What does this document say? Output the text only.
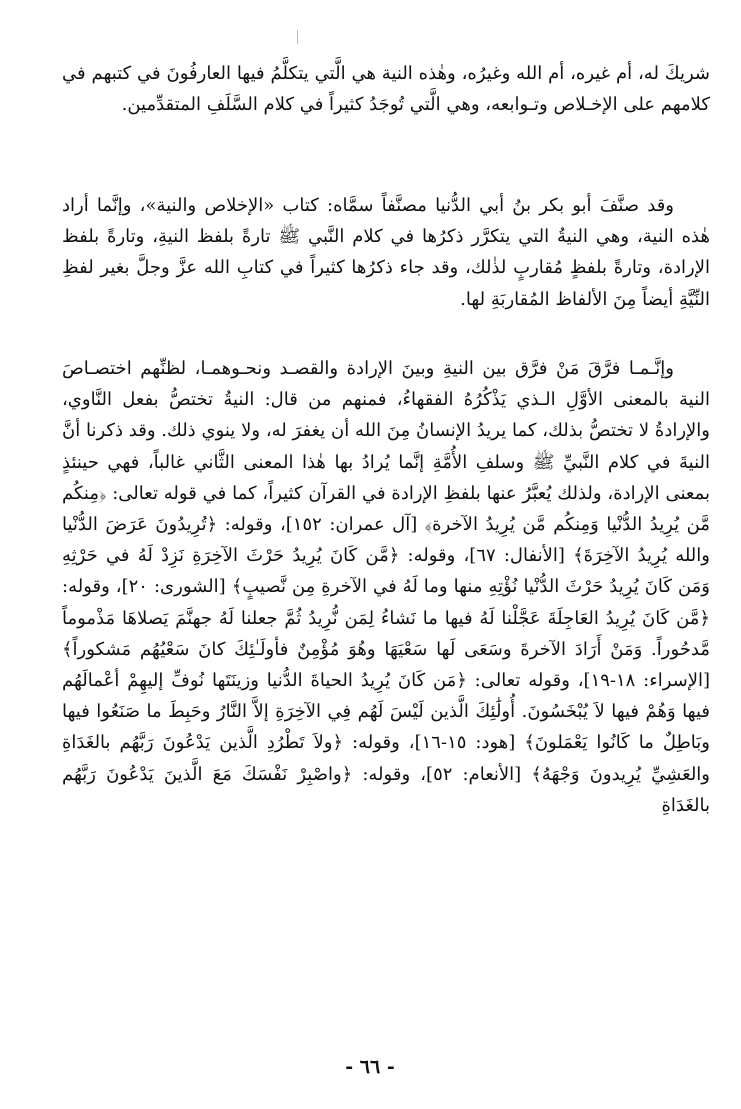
شريكَ له، أم غيره، أم الله وغيرُه، وهٰذه النية هي الَّتي يتكلَّمُ فيها العارفُونَ في كتبهم في كلامهم على الإخـلاص وتـوابعه، وهي الَّتي تُوجَدُ كثيراً في كلام السَّلَفِ المتقدِّمين.

وقد صنَّفَ أبو بكر بنُ أبي الدُّنيا مصنَّفاً سمَّاه: كتاب «الإخلاص والنية»، وإنَّما أراد هٰذه النية، وهي النيةُ التي يتكرَّر ذكرُها في كلام النَّبي ﷺ تارةً بلفظ النيةِ، وتارةً بلفظ الإرادة، وتارةً بلفظٍ مُقاربٍ لذٰلك، وقد جاء ذكرُها كثيراً في كتابِ الله عزَّ وجلَّ بغير لفظِ النِّيَّةِ أيضاً مِنَ الألفاظ المُقاربَةِ لها.

وإنَّـمـا فرَّقَ مَنْ فرَّق بين النيةِ وبينَ الإرادة والقصـد ونحـوهمـا، لظنِّهم اختصـاصَ النية بالمعنى الأوَّلِ الـذي يَذْكُرُهُ الفقهاءُ، فمنهم من قال: النيةُ تختصُّ بفعل النَّاوي، والإرادةُ لا تختصُّ بذلك، كما يريدُ الإنسانُ مِنَ الله أن يغفرَ له، ولا ينوي ذلك. وقد ذكرنا أنَّ النيةَ في كلام النَّبيِّ ﷺ وسلفِ الأُمَّةِ إنَّما يُرادُ بها هٰذا المعنى الثَّاني غالباً، فهي حينئذٍ بمعنى الإرادة، ولذلك يُعبَّرُ عنها بلفظِ الإرادة في القرآن كثيراً، كما في قوله تعالى: ﴿مِنكُم مَّن يُرِيدُ الدُّنْيا وَمِنكُم مَّن يُرِيدُ الآخرة﴾ [آل عمران: ١٥٢]، وقوله: ﴿تُرِيدُونَ عَرَضَ الدُّنْيا والله يُرِيدُ الآخِرَةَ﴾ [الأنفال: ٦٧]، وقوله: ﴿مَّن كَانَ يُرِيدُ حَرْثَ الآخِرَةِ نَزِدْ لَهُ في حَرْثِهِ وَمَن كَانَ يُرِيدُ حَرْثَ الدُّنْيا نُؤْتِهِ منها وما لَهُ في الآخرةِ مِن نَّصيبٍ﴾ [الشورى: ٢٠]، وقوله: ﴿مَّن كَانَ يُرِيدُ العَاجِلَةَ عَجَّلْنا لَهُ فيها ما نَشاءُ لِمَن نُّرِيدُ ثُمَّ جعلنا لَهُ جهنَّمَ يَصلاهَا مَذْموماً مَّدحُوراً. وَمَنْ أَرَادَ الآخرةَ وسَعَى لَها سَعْيَهَا وهُوَ مُؤْمِنٌ فأولَـٰئِكَ كانَ سَعْيُهُم مَشكوراً﴾ [الإسراء: ١٨-١٩]، وقوله تعالى: ﴿مَن كَانَ يُرِيدُ الحياةَ الدُّنيا وزينَتَها نُوفِّ إليهِمْ أعْمالَهُم فيها وَهُمْ فيها لاَ يُبْخَسُونَ. أُولَٰئِكَ الَّذين لَيْسَ لَهُم فِي الآخِرَةِ إلاَّ النَّارُ وحَبِطَ ما صَنَعُوا فيها وبَاطِلٌ ما كَانُوا يَعْمَلونَ﴾ [هود: ١٥-١٦]، وقوله: ﴿ولاَ تَطْرُدِ الَّذين يَدْعُونَ رَبَّهُم بالغَدَاةِ والعَشِيِّ يُرِيدونَ وَجْهَهُ﴾ [الأنعام: ٥٢]، وقوله: ﴿واصْبِرْ نَفْسَكَ مَعَ الَّذينَ يَدْعُونَ رَبَّهُم بالغَدَاةِ

- ٦٦ -
